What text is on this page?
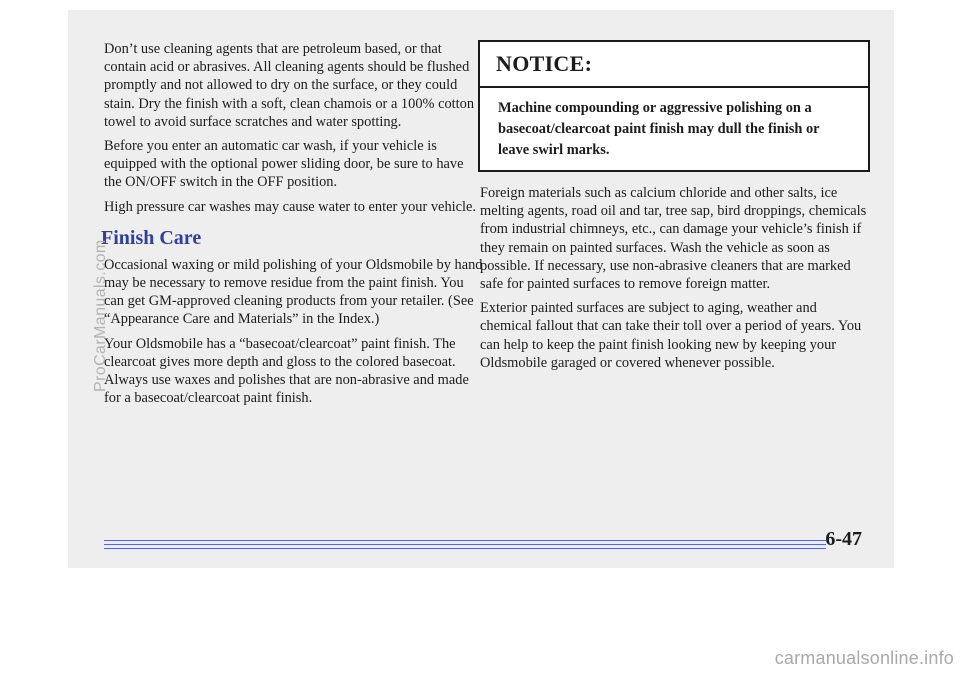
Don’t use cleaning agents that are petroleum based, or that contain acid or abrasives. All cleaning agents should be flushed promptly and not allowed to dry on the surface, or they could stain. Dry the finish with a soft, clean chamois or a 100% cotton towel to avoid surface scratches and water spotting.

Before you enter an automatic car wash, if your vehicle is equipped with the optional power sliding door, be sure to have the ON/OFF switch in the OFF position.

High pressure car washes may cause water to enter your vehicle.

Finish Care

Occasional waxing or mild polishing of your Oldsmobile by hand may be necessary to remove residue from the paint finish. You can get GM-approved cleaning products from your retailer. (See “Appearance Care and Materials” in the Index.)

Your Oldsmobile has a “basecoat/clearcoat” paint finish. The clearcoat gives more depth and gloss to the colored basecoat. Always use waxes and polishes that are non-abrasive and made for a basecoat/clearcoat paint finish.

NOTICE:

Machine compounding or aggressive polishing on a basecoat/clearcoat paint finish may dull the finish or leave swirl marks.

Foreign materials such as calcium chloride and other salts, ice melting agents, road oil and tar, tree sap, bird droppings, chemicals from industrial chimneys, etc., can damage your vehicle’s finish if they remain on painted surfaces. Wash the vehicle as soon as possible. If necessary, use non-abrasive cleaners that are marked safe for painted surfaces to remove foreign matter.

Exterior painted surfaces are subject to aging, weather and chemical fallout that can take their toll over a period of years. You can help to keep the paint finish looking new by keeping your Oldsmobile garaged or covered whenever possible.

6-47
ProCarManuals.com
carmanualsonline.info
